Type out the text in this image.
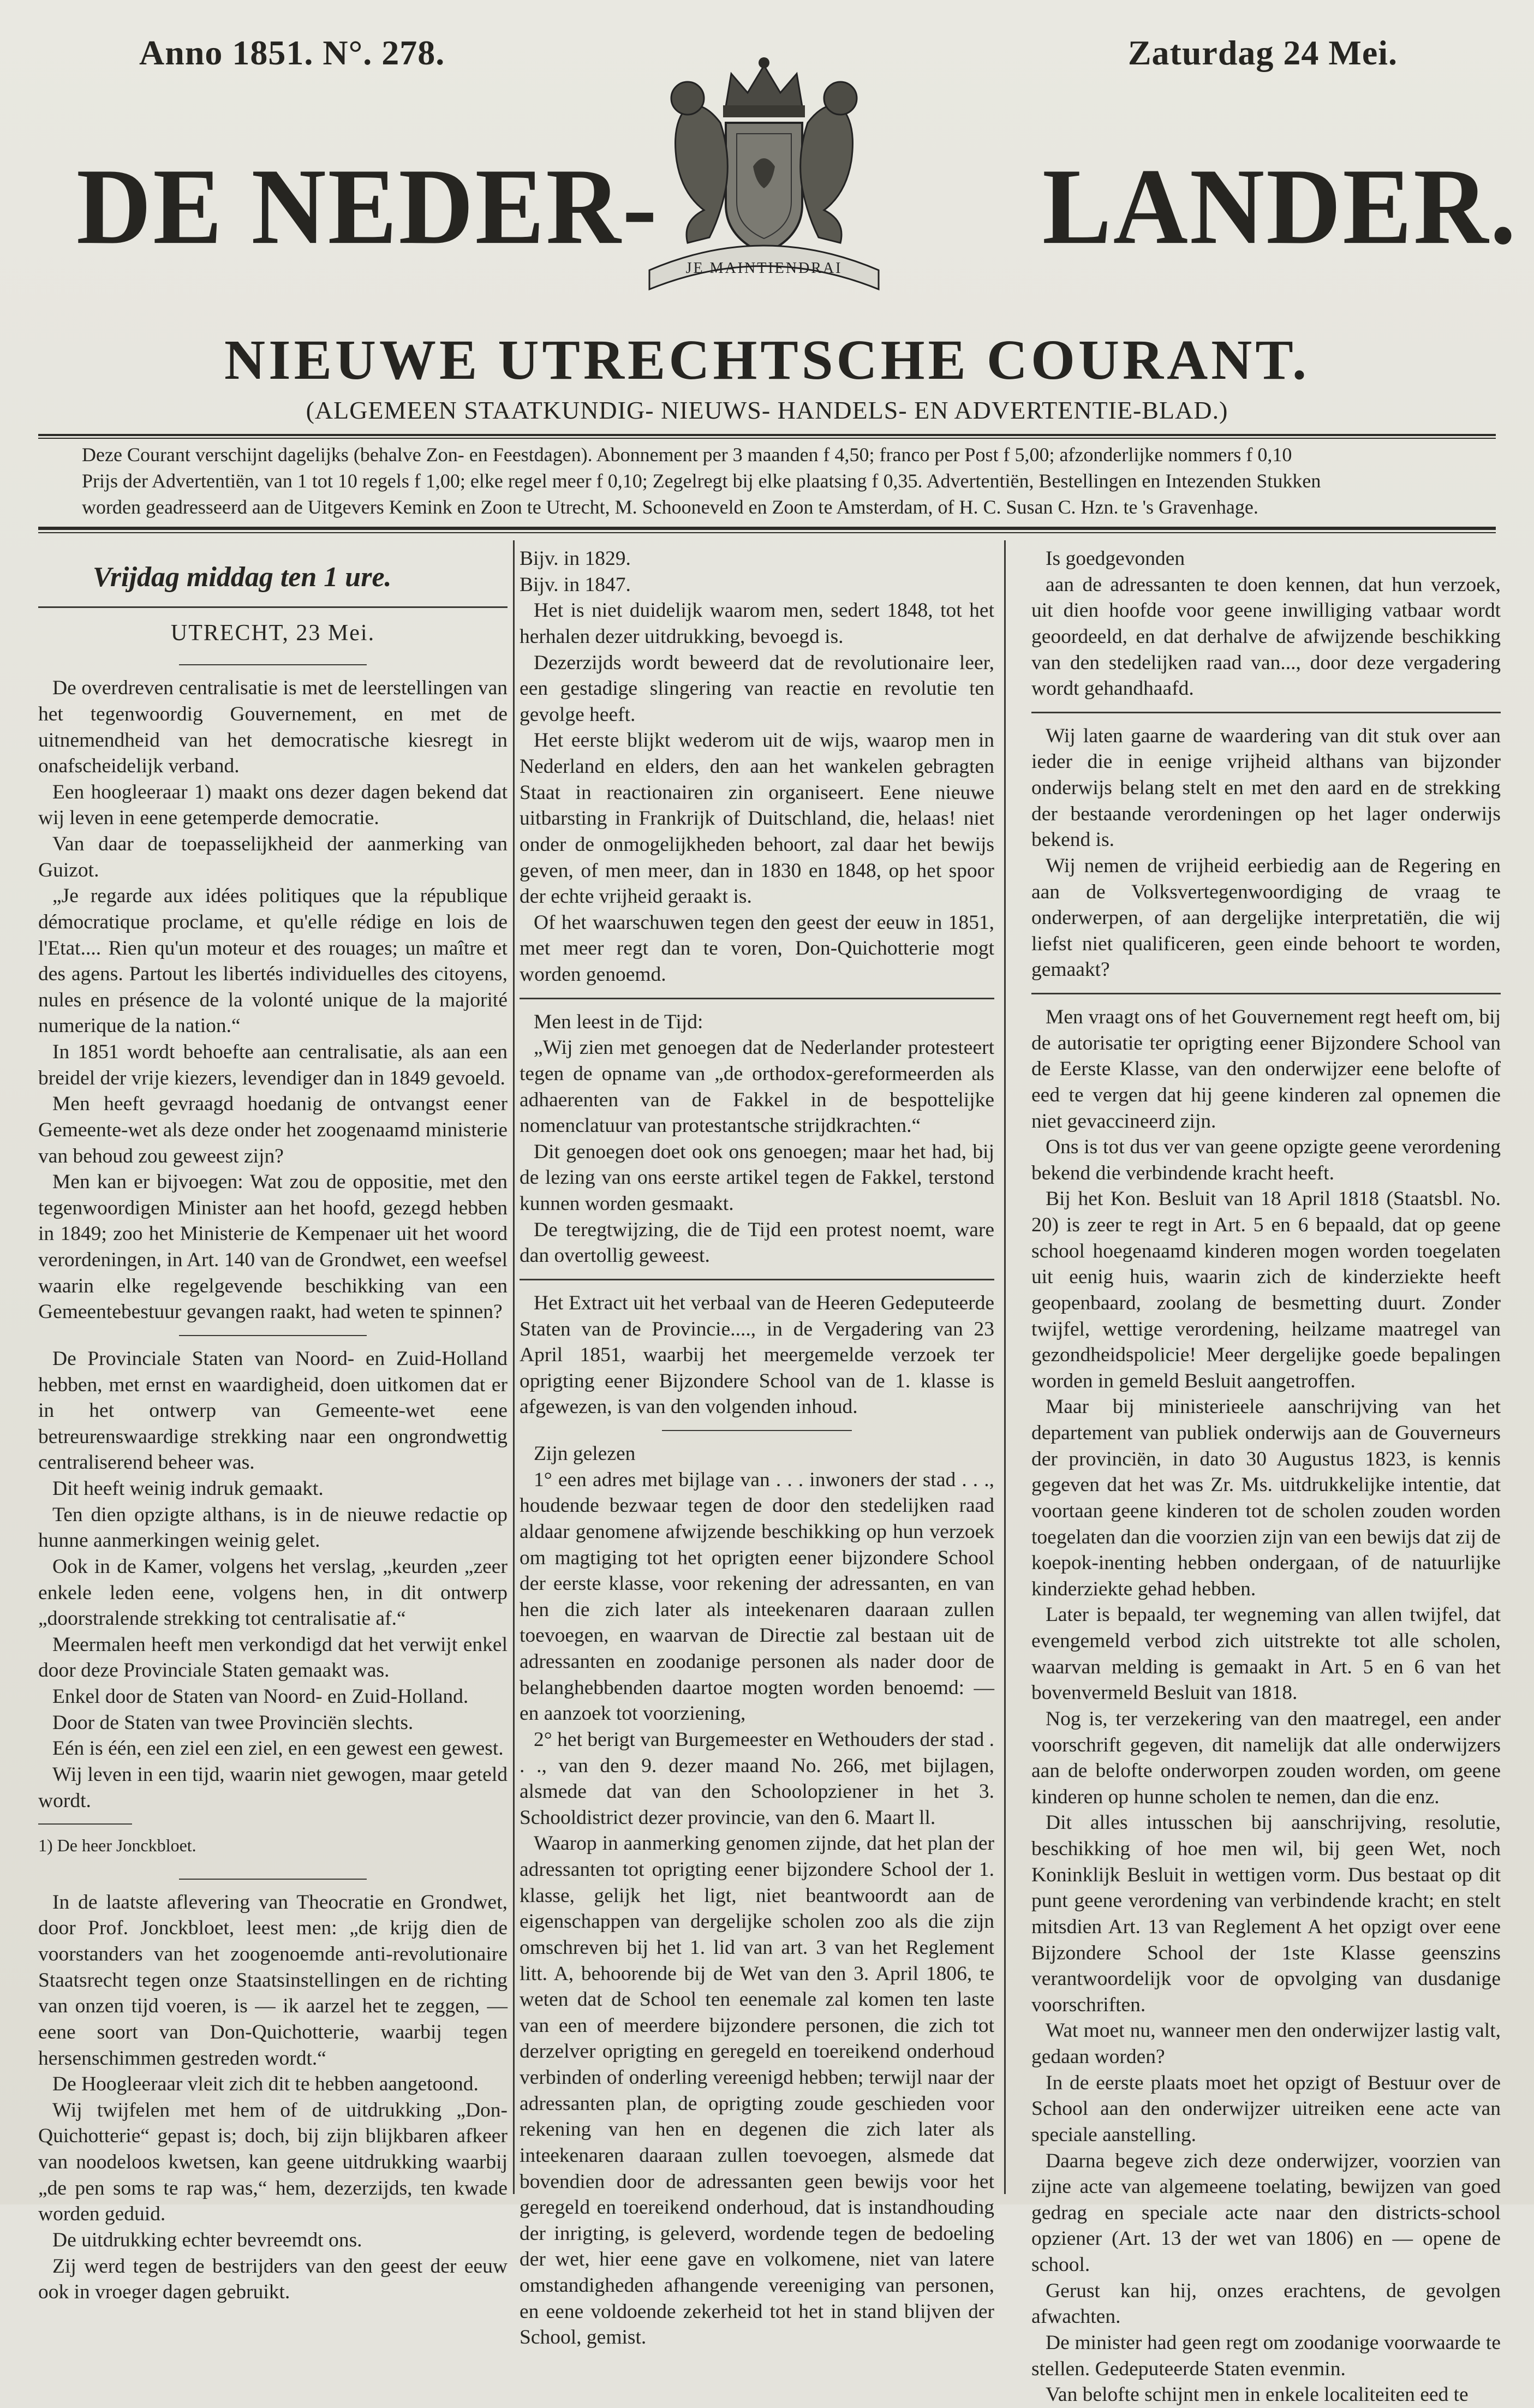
Anno 1851. N°. 278.	Zaturdag 24 Mei.
DE NEDER-	LANDER.
JE MAINTIENDRAI
NIEUWE UTRECHTSCHE COURANT.
(ALGEMEEN STAATKUNDIG- NIEUWS- HANDELS- EN ADVERTENTIE-BLAD.)

Deze Courant verschijnt dagelijks (behalve Zon- en Feestdagen). Abonnement per 3 maanden f 4,50; franco per Post f 5,00; afzonderlijke nommers f 0,10

Prijs der Advertentiën, van 1 tot 10 regels f 1,00; elke regel meer f 0,10; Zegelregt bij elke plaatsing f 0,35. Advertentiën, Bestellingen en Intezenden Stukken

worden geadresseerd aan de Uitgevers Kemink en Zoon te Utrecht, M. Schooneveld en Zoon te Amsterdam, of H. C. Susan C. Hzn. te 's Gravenhage.

Vrijdag middag ten 1 ure.
UTRECHT, 23 Mei.

De overdreven centralisatie is met de leerstellingen van het tegenwoordig Gouvernement, en met de uitnemendheid van het democratische kiesregt in onafscheidelijk verband.

Een hoogleeraar 1) maakt ons dezer dagen bekend dat wij leven in eene getemperde democratie.

Van daar de toepasselijkheid der aanmerking van Guizot.

„Je regarde aux idées politiques que la république démocratique proclame, et qu'elle rédige en lois de l'Etat.... Rien qu'un moteur et des rouages; un maître et des agens. Partout les libertés individuelles des citoyens, nules en présence de la volonté unique de la majorité numerique de la nation.“

In 1851 wordt behoefte aan centralisatie, als aan een breidel der vrije kiezers, levendiger dan in 1849 gevoeld.

Men heeft gevraagd hoedanig de ontvangst eener Gemeente-wet als deze onder het zoogenaamd ministerie van behoud zou geweest zijn?

Men kan er bijvoegen: Wat zou de oppositie, met den tegenwoordigen Minister aan het hoofd, gezegd hebben in 1849; zoo het Ministerie de Kempenaer uit het woord verordeningen, in Art. 140 van de Grondwet, een weefsel waarin elke regelgevende beschikking van een Gemeentebestuur gevangen raakt, had weten te spinnen?

De Provinciale Staten van Noord- en Zuid-Holland hebben, met ernst en waardigheid, doen uitkomen dat er in het ontwerp van Gemeente-wet eene betreurenswaardige strekking naar een ongrondwettig centraliserend beheer was.

Dit heeft weinig indruk gemaakt.

Ten dien opzigte althans, is in de nieuwe redactie op hunne aanmerkingen weinig gelet.

Ook in de Kamer, volgens het verslag, „keurden „zeer enkele leden eene, volgens hen, in dit ontwerp „doorstralende strekking tot centralisatie af.“

Meermalen heeft men verkondigd dat het verwijt enkel door deze Provinciale Staten gemaakt was.

Enkel door de Staten van Noord- en Zuid-Holland.

Door de Staten van twee Provinciën slechts.

Eén is één, een ziel een ziel, en een gewest een gewest.

Wij leven in een tijd, waarin niet gewogen, maar geteld wordt.

1) De heer Jonckbloet.

In de laatste aflevering van Theocratie en Grondwet, door Prof. Jonckbloet, leest men: „de krijg dien de voorstanders van het zoogenoemde anti-revolutionaire Staatsrecht tegen onze Staatsinstellingen en de richting van onzen tijd voeren, is — ik aarzel het te zeggen, — eene soort van Don-Quichotterie, waarbij tegen hersenschimmen gestreden wordt.“

De Hoogleeraar vleit zich dit te hebben aangetoond.

Wij twijfelen met hem of de uitdrukking „Don-Quichotterie“ gepast is; doch, bij zijn blijkbaren afkeer van noodeloos kwetsen, kan geene uitdrukking waarbij „de pen soms te rap was,“ hem, dezerzijds, ten kwade worden geduid.

De uitdrukking echter bevreemdt ons.

Zij werd tegen de bestrijders van den geest der eeuw ook in vroeger dagen gebruikt.

Bijv. in 1829.

Bijv. in 1847.

Het is niet duidelijk waarom men, sedert 1848, tot het herhalen dezer uitdrukking, bevoegd is.

Dezerzijds wordt beweerd dat de revolutionaire leer, een gestadige slingering van reactie en revolutie ten gevolge heeft.

Het eerste blijkt wederom uit de wijs, waarop men in Nederland en elders, den aan het wankelen gebragten Staat in reactionairen zin organiseert. Eene nieuwe uitbarsting in Frankrijk of Duitschland, die, helaas! niet onder de onmogelijkheden behoort, zal daar het bewijs geven, of men meer, dan in 1830 en 1848, op het spoor der echte vrijheid geraakt is.

Of het waarschuwen tegen den geest der eeuw in 1851, met meer regt dan te voren, Don-Quichotterie mogt worden genoemd.

Men leest in de Tijd:

„Wij zien met genoegen dat de Nederlander protesteert tegen de opname van „de orthodox-gereformeerden als adhaerenten van de Fakkel in de bespottelijke nomenclatuur van protestantsche strijdkrachten.“

Dit genoegen doet ook ons genoegen; maar het had, bij de lezing van ons eerste artikel tegen de Fakkel, terstond kunnen worden gesmaakt.

De teregtwijzing, die de Tijd een protest noemt, ware dan overtollig geweest.

Het Extract uit het verbaal van de Heeren Gedeputeerde Staten van de Provincie...., in de Vergadering van 23 April 1851, waarbij het meergemelde verzoek ter oprigting eener Bijzondere School van de 1. klasse is afgewezen, is van den volgenden inhoud.

Zijn gelezen

1° een adres met bijlage van . . . inwoners der stad . . ., houdende bezwaar tegen de door den stedelijken raad aldaar genomene afwijzende beschikking op hun verzoek om magtiging tot het oprigten eener bijzondere School der eerste klasse, voor rekening der adressanten, en van hen die zich later als inteekenaren daaraan zullen toevoegen, en waarvan de Directie zal bestaan uit de adressanten en zoodanige personen als nader door de belanghebbenden daartoe mogten worden benoemd: — en aanzoek tot voorziening,

2° het berigt van Burgemeester en Wethouders der stad . . ., van den 9. dezer maand No. 266, met bijlagen, alsmede dat van den Schoolopziener in het 3. Schooldistrict dezer provincie, van den 6. Maart ll.

Waarop in aanmerking genomen zijnde, dat het plan der adressanten tot oprigting eener bijzondere School der 1. klasse, gelijk het ligt, niet beantwoordt aan de eigenschappen van dergelijke scholen zoo als die zijn omschreven bij het 1. lid van art. 3 van het Reglement litt. A, behoorende bij de Wet van den 3. April 1806, te weten dat de School ten eenemale zal komen ten laste van een of meerdere bijzondere personen, die zich tot derzelver oprigting en geregeld en toereikend onderhoud verbinden of onderling vereenigd hebben; terwijl naar der adressanten plan, de oprigting zoude geschieden voor rekening van hen en degenen die zich later als inteekenaren daaraan zullen toevoegen, alsmede dat bovendien door de adressanten geen bewijs voor het geregeld en toereikend onderhoud, dat is instandhouding der inrigting, is geleverd, wordende tegen de bedoeling der wet, hier eene gave en volkomene, niet van latere omstandigheden afhangende vereeniging van personen, en eene voldoende zekerheid tot het in stand blijven der School, gemist.

Is goedgevonden

aan de adressanten te doen kennen, dat hun verzoek, uit dien hoofde voor geene inwilliging vatbaar wordt geoordeeld, en dat derhalve de afwijzende beschikking van den stedelijken raad van..., door deze vergadering wordt gehandhaafd.

Wij laten gaarne de waardering van dit stuk over aan ieder die in eenige vrijheid althans van bijzonder onderwijs belang stelt en met den aard en de strekking der bestaande verordeningen op het lager onderwijs bekend is.

Wij nemen de vrijheid eerbiedig aan de Regering en aan de Volksvertegenwoordiging de vraag te onderwerpen, of aan dergelijke interpretatiën, die wij liefst niet qualificeren, geen einde behoort te worden, gemaakt?

Men vraagt ons of het Gouvernement regt heeft om, bij de autorisatie ter oprigting eener Bijzondere School van de Eerste Klasse, van den onderwijzer eene belofte of eed te vergen dat hij geene kinderen zal opnemen die niet gevaccineerd zijn.

Ons is tot dus ver van geene opzigte geene verordening bekend die verbindende kracht heeft.

Bij het Kon. Besluit van 18 April 1818 (Staatsbl. No. 20) is zeer te regt in Art. 5 en 6 bepaald, dat op geene school hoegenaamd kinderen mogen worden toegelaten uit eenig huis, waarin zich de kinderziekte heeft geopenbaard, zoolang de besmetting duurt. Zonder twijfel, wettige verordening, heilzame maatregel van gezondheidspolicie! Meer dergelijke goede bepalingen worden in gemeld Besluit aangetroffen.

Maar bij ministerieele aanschrijving van het departement van publiek onderwijs aan de Gouverneurs der provinciën, in dato 30 Augustus 1823, is kennis gegeven dat het was Zr. Ms. uitdrukkelijke intentie, dat voortaan geene kinderen tot de scholen zouden worden toegelaten dan die voorzien zijn van een bewijs dat zij de koepok-inenting hebben ondergaan, of de natuurlijke kinderziekte gehad hebben.

Later is bepaald, ter wegneming van allen twijfel, dat evengemeld verbod zich uitstrekte tot alle scholen, waarvan melding is gemaakt in Art. 5 en 6 van het bovenvermeld Besluit van 1818.

Nog is, ter verzekering van den maatregel, een ander voorschrift gegeven, dit namelijk dat alle onderwijzers aan de belofte onderworpen zouden worden, om geene kinderen op hunne scholen te nemen, dan die enz.

Dit alles intusschen bij aanschrijving, resolutie, beschikking of hoe men wil, bij geen Wet, noch Koninklijk Besluit in wettigen vorm. Dus bestaat op dit punt geene verordening van verbindende kracht; en stelt mitsdien Art. 13 van Reglement A het opzigt over eene Bijzondere School der 1ste Klasse geenszins verantwoordelijk voor de opvolging van dusdanige voorschriften.

Wat moet nu, wanneer men den onderwijzer lastig valt, gedaan worden?

In de eerste plaats moet het opzigt of Bestuur over de School aan den onderwijzer uitreiken eene acte van speciale aanstelling.

Daarna begeve zich deze onderwijzer, voorzien van zijne acte van algemeene toelating, bewijzen van goed gedrag en speciale acte naar den districts-school opziener (Art. 13 der wet van 1806) en — opene de school.

Gerust kan hij, onzes erachtens, de gevolgen afwachten.

De minister had geen regt om zoodanige voorwaarde te stellen. Gedeputeerde Staten evenmin.

Van belofte schijnt men in enkele localiteiten eed te
